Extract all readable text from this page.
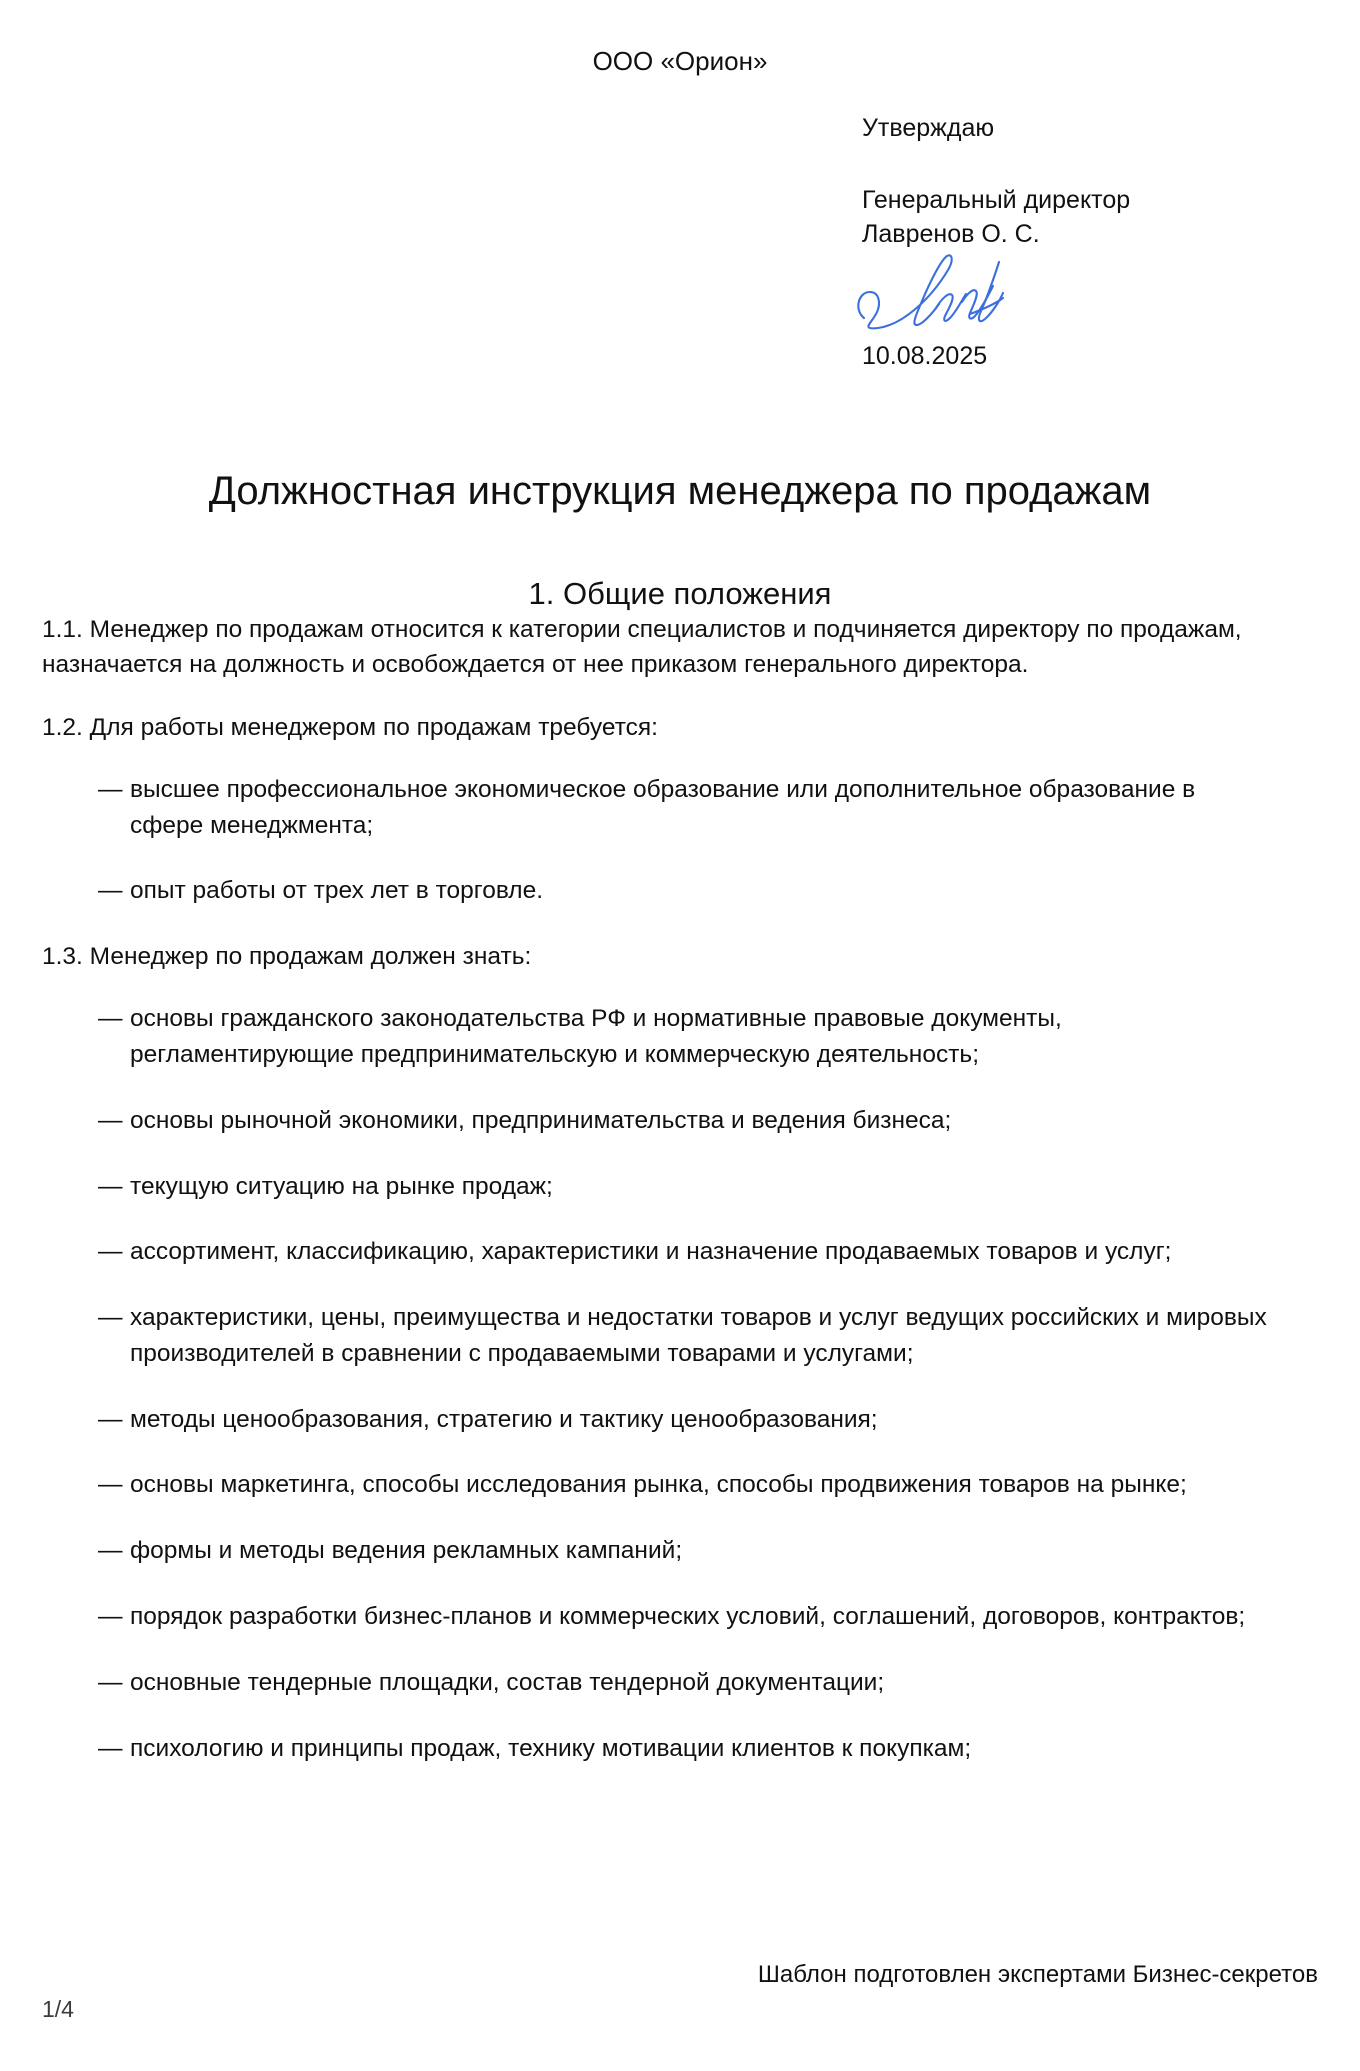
ООО «Орион»
Утверждаю
Генеральный директор
Лавренов О. С.
10.08.2025
Должностная инструкция менеджера по продажам
1. Общие положения

1.1. Менеджер по продажам относится к категории специалистов и подчиняется директору по продажам, назначается на должность и освобождается от нее приказом генерального директора.

1.2. Для работы менеджером по продажам требуется:

— высшее профессиональное экономическое образование или дополнительное образование в сфере менеджмента;
— опыт работы от трех лет в торговле.

1.3. Менеджер по продажам должен знать:

— основы гражданского законодательства РФ и нормативные правовые документы, регламентирующие предпринимательскую и коммерческую деятельность;
— основы рыночной экономики, предпринимательства и ведения бизнеса;
— текущую ситуацию на рынке продаж;
— ассортимент, классификацию, характеристики и назначение продаваемых товаров и услуг;
— характеристики, цены, преимущества и недостатки товаров и услуг ведущих российских и мировых производителей в сравнении с продаваемыми товарами и услугами;
— методы ценообразования, стратегию и тактику ценообразования;
— основы маркетинга, способы исследования рынка, способы продвижения товаров на рынке;
— формы и методы ведения рекламных кампаний;
— порядок разработки бизнес-планов и коммерческих условий, соглашений, договоров, контрактов;
— основные тендерные площадки, состав тендерной документации;
— психологию и принципы продаж, технику мотивации клиентов к покупкам;
Шаблон подготовлен экспертами Бизнес-секретов
1/4
